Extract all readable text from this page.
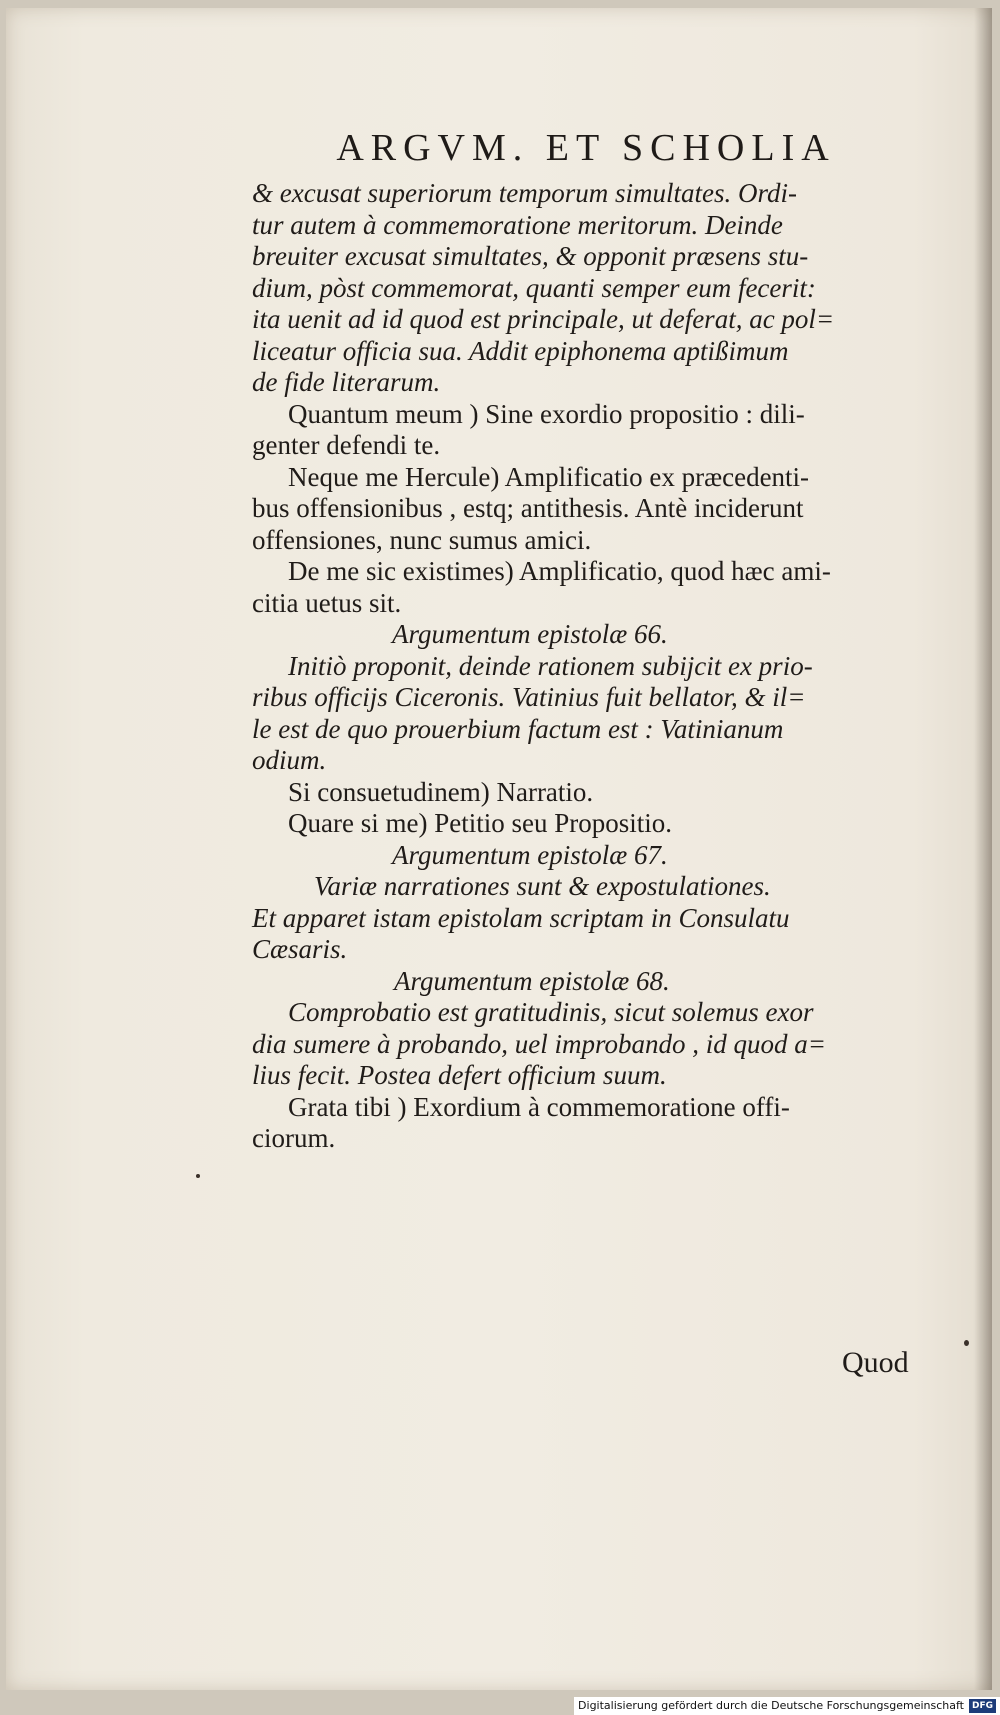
ARGVM. ET SCHOLIA
& excusat superiorum temporum simultates. Ordi-
tur autem à commemoratione meritorum. Deinde
breuiter excusat simultates, & opponit præsens stu-
dium, pòst commemorat, quanti semper eum fecerit:
ita uenit ad id quod est principale, ut deferat, ac pol=
liceatur officia sua. Addit epiphonema aptißimum
de fide literarum.
Quantum meum ) Sine exordio propositio : dili-
genter defendi te.
Neque me Hercule) Amplificatio ex præcedenti-
bus offensionibus , estq; antithesis. Antè inciderunt
offensiones, nunc sumus amici.
De me sic existimes) Amplificatio, quod hæc ami-
citia uetus sit.
Argumentum epistolæ 66.
Initiò proponit, deinde rationem subijcit ex prio-
ribus officijs Ciceronis. Vatinius fuit bellator, & il=
le est de quo prouerbium factum est : Vatinianum
odium.
Si consuetudinem) Narratio.
Quare si me) Petitio seu Propositio.
Argumentum epistolæ 67.
Variæ narrationes sunt & expostulationes.
Et apparet istam epistolam scriptam in Consulatu
Cæsaris.
Argumentum epistolæ 68.
Comprobatio est gratitudinis, sicut solemus exor
dia sumere à probando, uel improbando , id quod a=
lius fecit. Postea defert officium suum.
Grata tibi ) Exordium à commemoratione offi-
ciorum.
Quod
Digitalisierung gefördert durch die Deutsche Forschungsgemeinschaft DFG
